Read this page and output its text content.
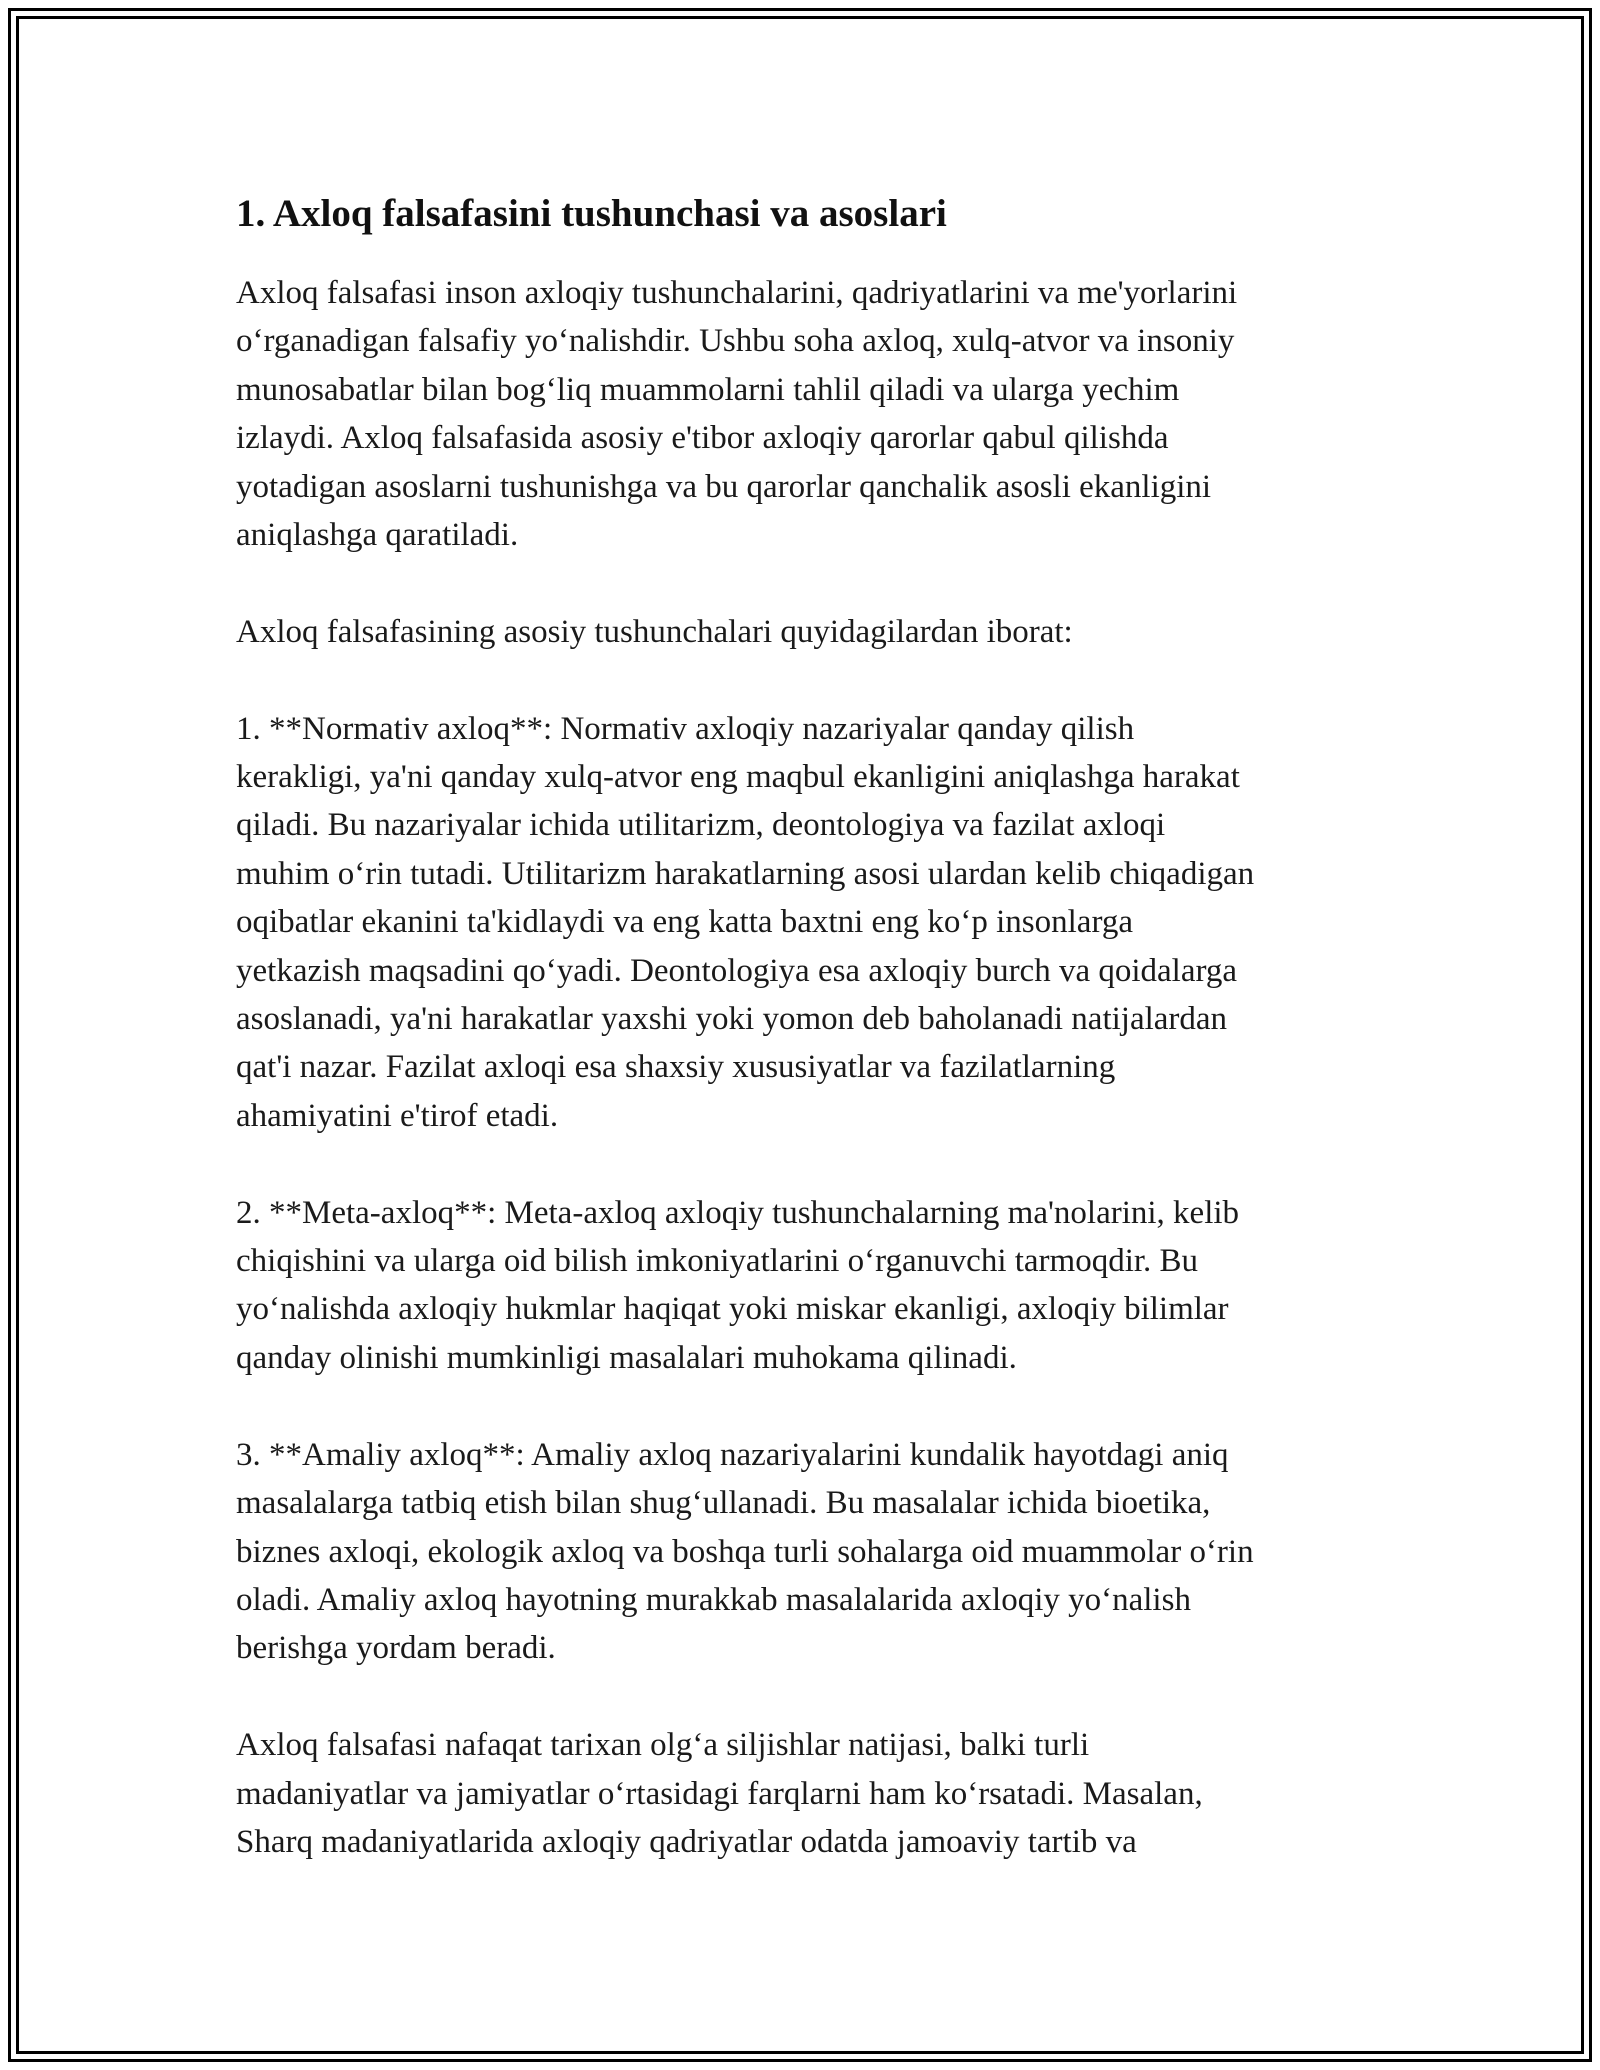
1. Axloq falsafasini tushunchasi va asoslari

Axloq falsafasi inson axloqiy tushunchalarini, qadriyatlarini va me'yorlarini

o‘rganadigan falsafiy yo‘nalishdir. Ushbu soha axloq, xulq-atvor va insoniy

munosabatlar bilan bog‘liq muammolarni tahlil qiladi va ularga yechim

izlaydi. Axloq falsafasida asosiy e'tibor axloqiy qarorlar qabul qilishda

yotadigan asoslarni tushunishga va bu qarorlar qanchalik asosli ekanligini

aniqlashga qaratiladi.

Axloq falsafasining asosiy tushunchalari quyidagilardan iborat:

1. **Normativ axloq**: Normativ axloqiy nazariyalar qanday qilish

kerakligi, ya'ni qanday xulq-atvor eng maqbul ekanligini aniqlashga harakat

qiladi. Bu nazariyalar ichida utilitarizm, deontologiya va fazilat axloqi

muhim o‘rin tutadi. Utilitarizm harakatlarning asosi ulardan kelib chiqadigan

oqibatlar ekanini ta'kidlaydi va eng katta baxtni eng ko‘p insonlarga

yetkazish maqsadini qo‘yadi. Deontologiya esa axloqiy burch va qoidalarga

asoslanadi, ya'ni harakatlar yaxshi yoki yomon deb baholanadi natijalardan

qat'i nazar. Fazilat axloqi esa shaxsiy xususiyatlar va fazilatlarning

ahamiyatini e'tirof etadi.

2. **Meta-axloq**: Meta-axloq axloqiy tushunchalarning ma'nolarini, kelib

chiqishini va ularga oid bilish imkoniyatlarini o‘rganuvchi tarmoqdir. Bu

yo‘nalishda axloqiy hukmlar haqiqat yoki miskar ekanligi, axloqiy bilimlar

qanday olinishi mumkinligi masalalari muhokama qilinadi.

3. **Amaliy axloq**: Amaliy axloq nazariyalarini kundalik hayotdagi aniq

masalalarga tatbiq etish bilan shug‘ullanadi. Bu masalalar ichida bioetika,

biznes axloqi, ekologik axloq va boshqa turli sohalarga oid muammolar o‘rin

oladi. Amaliy axloq hayotning murakkab masalalarida axloqiy yo‘nalish

berishga yordam beradi.

Axloq falsafasi nafaqat tarixan olg‘a siljishlar natijasi, balki turli

madaniyatlar va jamiyatlar o‘rtasidagi farqlarni ham ko‘rsatadi. Masalan,

Sharq madaniyatlarida axloqiy qadriyatlar odatda jamoaviy tartib va
